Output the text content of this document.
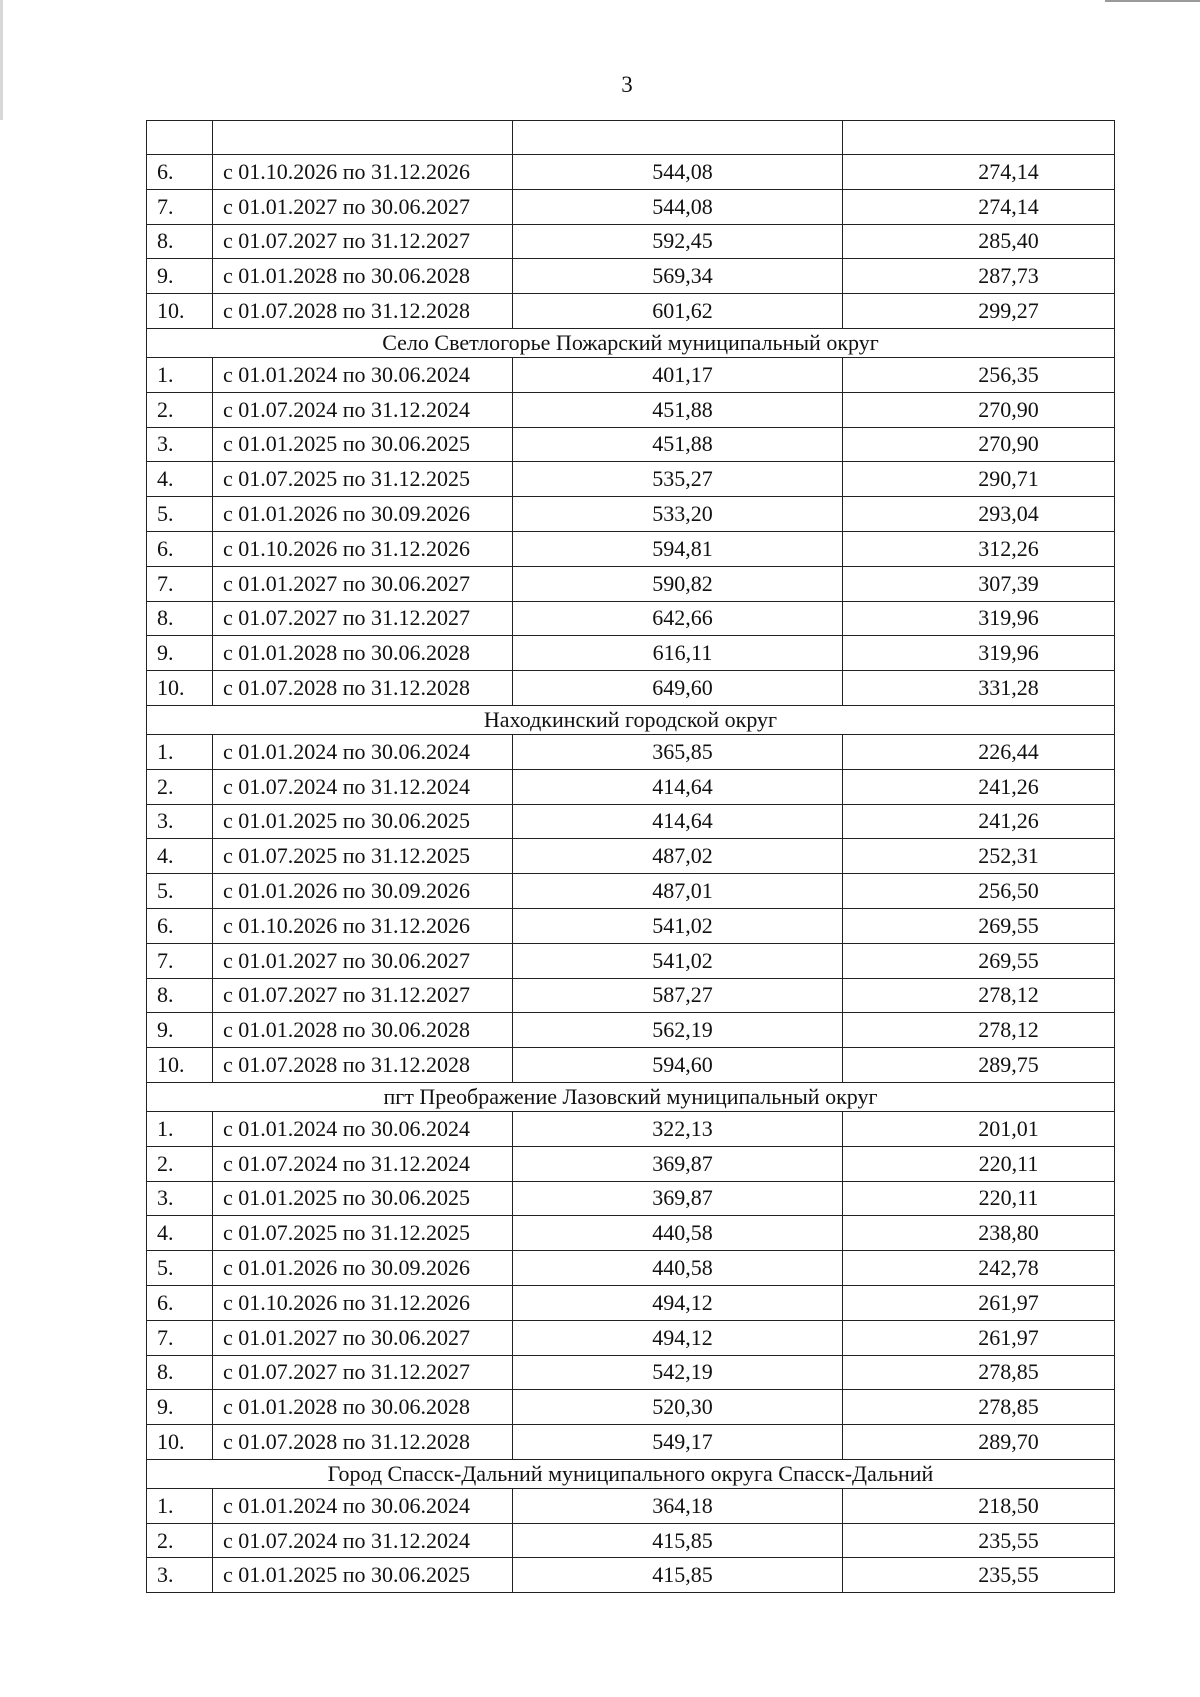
3

6.	с 01.10.2026 по 31.12.2026	544,08	274,14
7.	с 01.01.2027 по 30.06.2027	544,08	274,14
8.	с 01.07.2027 по 31.12.2027	592,45	285,40
9.	с 01.01.2028 по 30.06.2028	569,34	287,73
10.	с 01.07.2028 по 31.12.2028	601,62	299,27
Село Светлогорье Пожарский муниципальный округ			
1.	с 01.01.2024 по 30.06.2024	401,17	256,35
2.	с 01.07.2024 по 31.12.2024	451,88	270,90
3.	с 01.01.2025 по 30.06.2025	451,88	270,90
4.	с 01.07.2025 по 31.12.2025	535,27	290,71
5.	с 01.01.2026 по 30.09.2026	533,20	293,04
6.	с 01.10.2026 по 31.12.2026	594,81	312,26
7.	с 01.01.2027 по 30.06.2027	590,82	307,39
8.	с 01.07.2027 по 31.12.2027	642,66	319,96
9.	с 01.01.2028 по 30.06.2028	616,11	319,96
10.	с 01.07.2028 по 31.12.2028	649,60	331,28
Находкинский городской округ			
1.	с 01.01.2024 по 30.06.2024	365,85	226,44
2.	с 01.07.2024 по 31.12.2024	414,64	241,26
3.	с 01.01.2025 по 30.06.2025	414,64	241,26
4.	с 01.07.2025 по 31.12.2025	487,02	252,31
5.	с 01.01.2026 по 30.09.2026	487,01	256,50
6.	с 01.10.2026 по 31.12.2026	541,02	269,55
7.	с 01.01.2027 по 30.06.2027	541,02	269,55
8.	с 01.07.2027 по 31.12.2027	587,27	278,12
9.	с 01.01.2028 по 30.06.2028	562,19	278,12
10.	с 01.07.2028 по 31.12.2028	594,60	289,75
пгт Преображение Лазовский муниципальный округ			
1.	с 01.01.2024 по 30.06.2024	322,13	201,01
2.	с 01.07.2024 по 31.12.2024	369,87	220,11
3.	с 01.01.2025 по 30.06.2025	369,87	220,11
4.	с 01.07.2025 по 31.12.2025	440,58	238,80
5.	с 01.01.2026 по 30.09.2026	440,58	242,78
6.	с 01.10.2026 по 31.12.2026	494,12	261,97
7.	с 01.01.2027 по 30.06.2027	494,12	261,97
8.	с 01.07.2027 по 31.12.2027	542,19	278,85
9.	с 01.01.2028 по 30.06.2028	520,30	278,85
10.	с 01.07.2028 по 31.12.2028	549,17	289,70
Город Спасск-Дальний муниципального округа Спасск-Дальний			
1.	с 01.01.2024 по 30.06.2024	364,18	218,50
2.	с 01.07.2024 по 31.12.2024	415,85	235,55
3.	с 01.01.2025 по 30.06.2025	415,85	235,55
